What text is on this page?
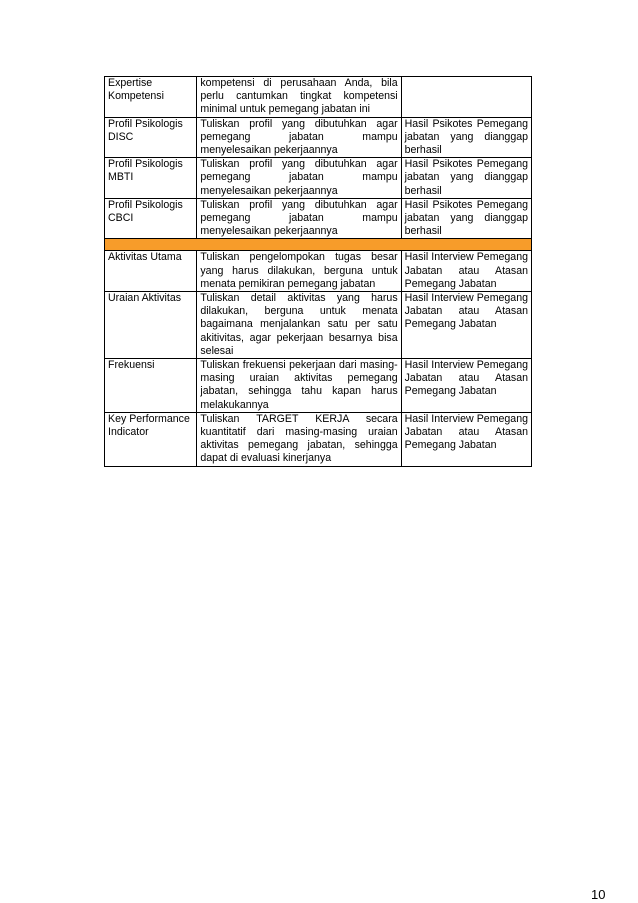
Expertise Kompetensi	kompetensi di perusahaan Anda, bila perlu cantumkan tingkat kompetensi minimal untuk pemegang jabatan ini	
Profil Psikologis DISC	Tuliskan profil yang dibutuhkan agar pemegang jabatan mampu menyelesaikan pekerjaannya	Hasil Psikotes Pemegang jabatan yang dianggap berhasil
Profil Psikologis MBTI	Tuliskan profil yang dibutuhkan agar pemegang jabatan mampu menyelesaikan pekerjaannya	Hasil Psikotes Pemegang jabatan yang dianggap berhasil
Profil Psikologis CBCI	Tuliskan profil yang dibutuhkan agar pemegang jabatan mampu menyelesaikan pekerjaannya	Hasil Psikotes Pemegang jabatan yang dianggap berhasil

Aktivitas Utama	Tuliskan pengelompokan tugas besar yang harus dilakukan, berguna untuk menata pemikiran pemegang jabatan	Hasil Interview Pemegang Jabatan atau Atasan Pemegang Jabatan
Uraian Aktivitas	Tuliskan detail aktivitas yang harus dilakukan, berguna untuk menata bagaimana menjalankan satu per satu akitivitas, agar pekerjaan besarnya bisa selesai	Hasil Interview Pemegang Jabatan atau Atasan Pemegang Jabatan
Frekuensi	Tuliskan frekuensi pekerjaan dari masing-masing uraian aktivitas pemegang jabatan, sehingga tahu kapan harus melakukannya	Hasil Interview Pemegang Jabatan atau Atasan Pemegang Jabatan
Key Performance Indicator	Tuliskan TARGET KERJA secara kuantitatif dari masing-masing uraian aktivitas pemegang jabatan, sehingga dapat di evaluasi kinerjanya	Hasil Interview Pemegang Jabatan atau Atasan Pemegang Jabatan
10
